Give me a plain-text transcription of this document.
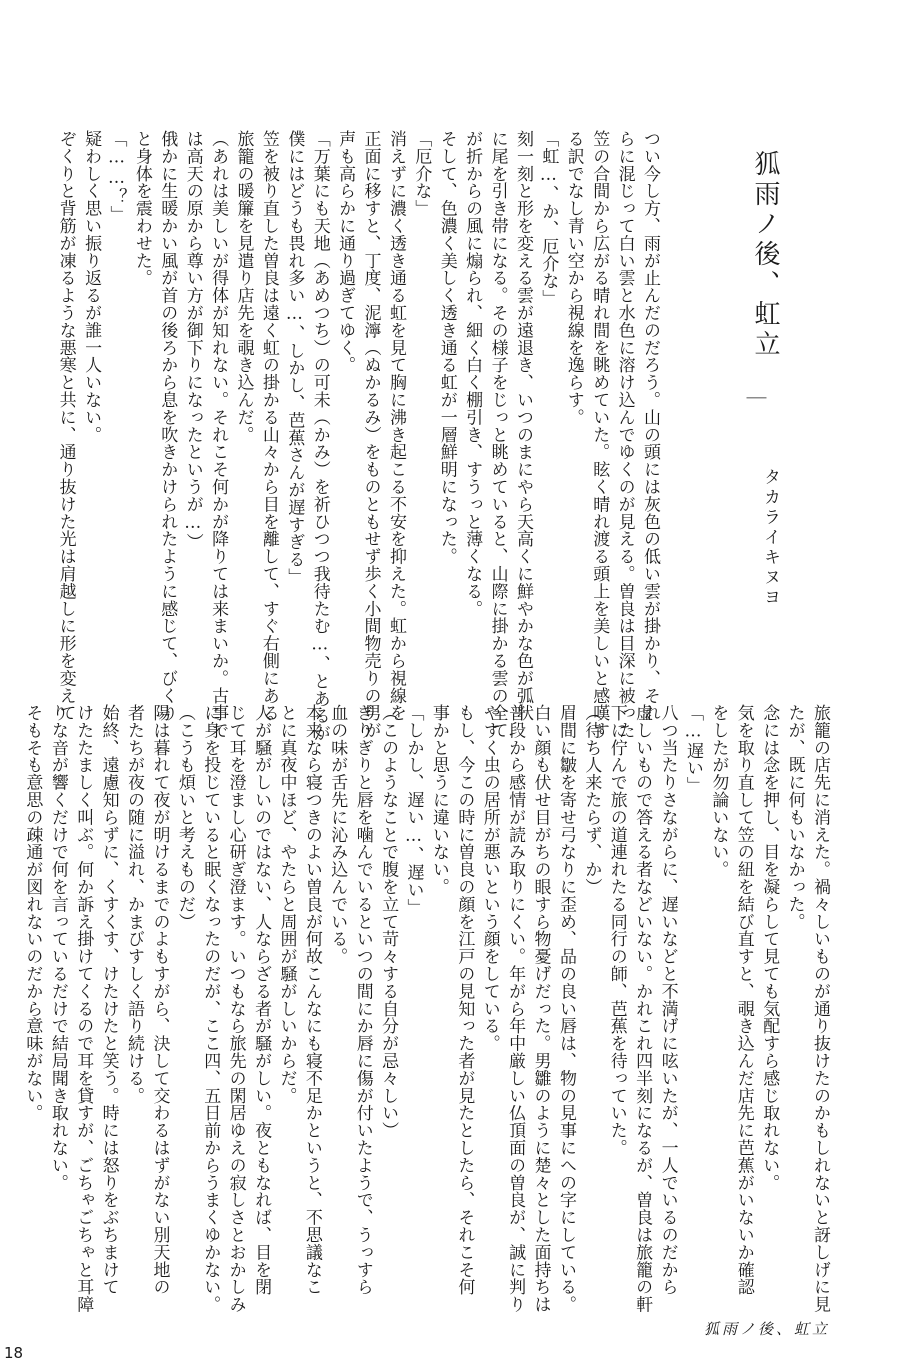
狐雨ノ後、虹立
｜
タカライキヌヨ
つい今し方、雨が止んだのだろう。山の頭には灰色の低い雲が掛かり、それ
らに混じって白い雲と水色に溶け込んでゆくのが見える。曽良は目深に被った
笠の合間から広がる晴れ間を眺めていた。眩く晴れ渡る頭上を美しいと感嘆す
る訳でなし青い空から視線を逸らす。
「虹…、か、厄介な」
刻一刻と形を変える雲が遠退き、いつのまにやら天高くに鮮やかな色が弧状
に尾を引き帯になる。その様子をじっと眺めていると、山際に掛かる雲の全て
が折からの風に煽られ、細く白く棚引き、すうっと薄くなる。
そして、色濃く美しく透き通る虹が一層鮮明になった。
「厄介な」
消えずに濃く透き通る虹を見て胸に沸き起こる不安を抑えた。虹から視線を
正面に移すと、丁度、泥濘（ぬかるみ）をものともせず歩く小間物売りの男が
声も高らかに通り過ぎてゆく。
「万葉にも天地（あめつち）の可未（かみ）を祈ひつつ我待たむ…、とあるが
僕にはどうも畏れ多い…、しかし、芭蕉さんが遅すぎる」
笠を被り直した曽良は遠く虹の掛かる山々から目を離して、すぐ右側にある
旅籠の暖簾を見遣り店先を覗き込んだ。
（あれは美しいが得体が知れない。それこそ何かが降りては来まいか。古事で
は高天の原から尊い方が御下りになったというが…）
俄かに生暖かい風が首の後ろから息を吹きかけられたように感じて、びくり
と身体を震わせた。
「……？」
疑わしく思い振り返るが誰一人いない。
ぞくりと背筋が凍るような悪寒と共に、通り抜けた光は肩越しに形を変えて
旅籠の店先に消えた。禍々しいものが通り抜けたのかもしれないと訝しげに見
たが、既に何もいなかった。
念には念を押し、目を凝らして見ても気配すら感じ取れない。
気を取り直して笠の紐を結び直すと、覗き込んだ店先に芭蕉がいないか確認
をしたが勿論いない。
「…遅い」
八つ当たりさながらに、遅いなどと不満げに呟いたが、一人でいるのだから
虚しいもので答える者などいない。かれこれ四半刻になるが、曽良は旅籠の軒
下に佇んで旅の道連れたる同行の師、芭蕉を待っていた。
（待ち人来たらず、か）
眉間に皺を寄せ弓なりに歪め、品の良い唇は、物の見事にへの字にしている。
白い顔も伏せ目がちの眼すら物憂げだった。男雛のように楚々とした面持ちは
普段から感情が読み取りにくい。年がら年中厳しい仏頂面の曽良が、誠に判り
やすく虫の居所が悪いという顔をしている。
もし、今この時に曽良の顔を江戸の見知った者が見たとしたら、それこそ何
事かと思うに違いない。
「しかし、遅い…、遅い」
（このようなことで腹を立て苛々する自分が忌々しい）
ぎりぎりと唇を噛んでいるといつの間にか唇に傷が付いたようで、うっすら
血の味が舌先に沁み込んでいる。
本来なら寝つきのよい曽良が何故こんなにも寝不足かというと、不思議なこ
とに真夜中ほど、やたらと周囲が騒がしいからだ。
人が騒がしいのではない、人ならざる者が騒がしい。夜ともなれば、目を閉
じて耳を澄まし心研ぎ澄ます。いつもなら旅先の閑居ゆえの寂しさとおかしみ
に身を投じていると眠くなったのだが、ここ四、五日前からうまくゆかない。
（こうも煩いと考えものだ）
陽は暮れて夜が明けるまでのよもすがら、決して交わるはずがない別天地の
者たちが夜の随に溢れ、かまびすしく語り続ける。
始終、遠慮知らずに、くすくす、けたけたと笑う。時には怒りをぶちまけて
けたたましく叫ぶ。何か訴え掛けてくるので耳を貸すが、ごちゃごちゃと耳障
りな音が響くだけで何を言っているだけで結局聞き取れない。
そもそも意思の疎通が図れないのだから意味がない。
狐雨ノ後、虹立
18
